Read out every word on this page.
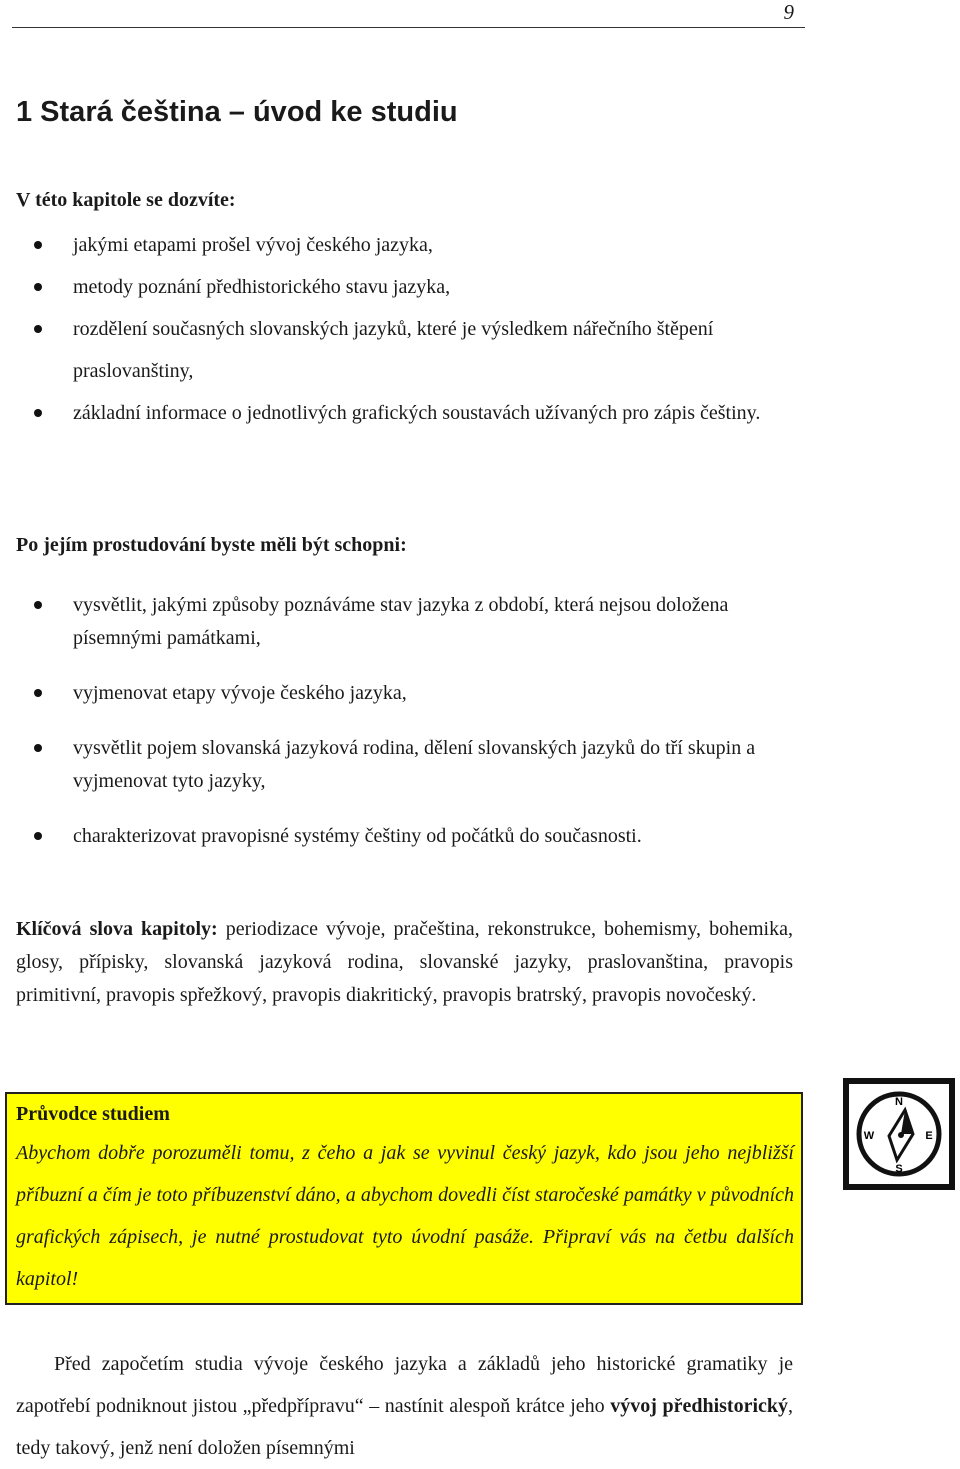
9
1 Stará čeština – úvod ke studiu
V této kapitole se dozvíte:
jakými etapami prošel vývoj českého jazyka,
metody poznání předhistorického stavu jazyka,
rozdělení současných slovanských jazyků, které je výsledkem nářečního štěpení praslovanštiny,
základní informace o jednotlivých grafických soustavách užívaných pro zápis češtiny.
Po jejím prostudování byste měli být schopni:
vysvětlit, jakými způsoby poznáváme stav jazyka z období, která nejsou doložena písemnými památkami,
vyjmenovat etapy vývoje českého jazyka,
vysvětlit pojem slovanská jazyková rodina, dělení slovanských jazyků do tří skupin a vyjmenovat tyto jazyky,
charakterizovat pravopisné systémy češtiny od počátků do současnosti.

Klíčová slova kapitoly: periodizace vývoje, pračeština, rekonstrukce, bohemismy, bohemika, glosy, přípisky, slovanská jazyková rodina, slovanské jazyky, praslovanština, pravopis primitivní, pravopis spřežkový, pravopis diakritický, pravopis bratrský, pravopis novočeský.

Průvodce studiem

Abychom dobře porozuměli tomu, z čeho a jak se vyvinul český jazyk, kdo jsou jeho nejbližší příbuzní a čím je toto příbuzenství dáno, a abychom dovedli číst staročeské památky v původních grafických zápisech, je nutné prostudovat tyto úvodní pasáže. Připraví vás na četbu dalších kapitol!

N
E
S
W

Před započetím studia vývoje českého jazyka a základů jeho historické gramatiky je zapotřebí podniknout jistou „předpřípravu“ – nastínit alespoň krátce jeho vývoj předhistorický, tedy takový, jenž není doložen písemnými
